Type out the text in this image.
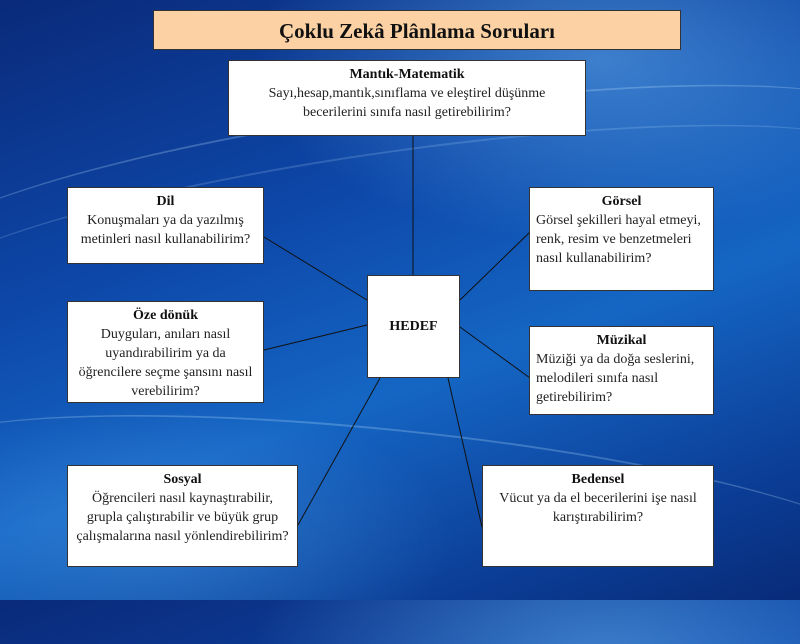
Çoklu Zekâ Plânlama Soruları
Mantık-Matematik
Sayı,hesap,mantık,sınıflama ve eleştirel düşünme becerilerini sınıfa nasıl getirebilirim?
Dil
Konuşmaları ya da yazılmış metinleri nasıl kullanabilirim?
Görsel
Görsel şekilleri hayal etmeyi, renk, resim ve benzetmeleri nasıl kullanabilirim?
HEDEF
Öze dönük
Duyguları, anıları nasıl uyandırabilirim ya da öğrencilere seçme şansını nasıl verebilirim?
Müzikal
Müziği ya da doğa seslerini, melodileri sınıfa nasıl getirebilirim?
Sosyal
Öğrencileri nasıl kaynaştırabilir, grupla çalıştırabilir ve büyük grup çalışmalarına nasıl yönlendirebilirim?
Bedensel
Vücut ya da el becerilerini işe nasıl karıştırabilirim?
